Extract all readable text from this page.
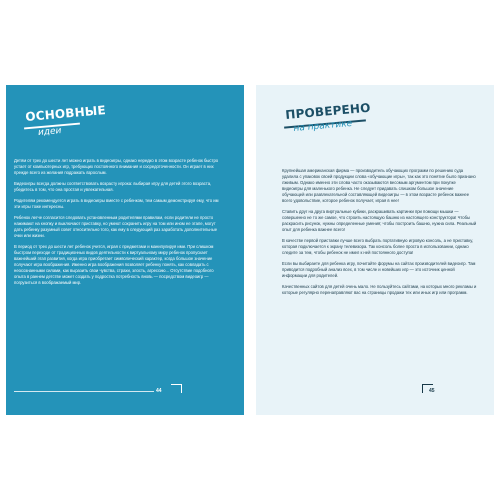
ОСНОВНЫЕ
идеи

Детям от трех до шести лет можно играть в видеоигры, однако нередко в этом возрасте ребенок быстро устает от компьютерных игр, требующих постоянного внимания и сосредоточенности. Он играет в них прежде всего из желания подражать взрослым.

Видеоигры всегда должны соответствовать возрасту игрока: выбирая игру для детей этого возраста, убедитесь в том, что она простая и увлекательная.

Родителям рекомендуется играть в видеоигры вместе с ребенком, тем самым демонстрируя ему, что им эти игры тоже интересны.

Ребенок легче согласится следовать установленным родителями правилам, если родители не просто нажимают на кнопку и выключают приставку, но умеют сохранить игру на том или ином ее этапе, могут дать ребенку разумный совет относительно того, как ему в следующий раз заработать дополнительные очки или жизни.

В период от трех до шести лет ребенок учится, играя с предметами и манипулируя ими. При слишком быстром переходе от традиционных видов деятельности к виртуальному миру ребенок пропускает важнейший этап развития, когда игра приобретает символический характер, когда большое значение получают игра воображения. Именно игра воображения позволяет ребенку понять, как совладать с неосознанными силами, как выразить свои чувства, страхи, злость, агрессию... Отсутствие подобного опыта в раннем детстве может создать у подростка потребность вновь — посредством видеоигр — погрузиться в воображаемый мир.

44
ПРОВЕРЕНО
на практике

Крупнейшая американская фирма — производитель обучающих программ по решению суда удалила с упаковок своей продукции слова «обучающие игры», так как это понятие было признано лживым. Однако именно эти слова часто оказываются весомым аргументом при покупке видеоигры для маленького ребенка. Не следует придавать слишком большое значение обучающей или развлекательной составляющей видеоигры — в этом возрасте ребенок важнее всего удовольствие, которое ребенок получает, играя в нее!

Ставить друг на друга виртуальные кубики, раскрашивать картинки при помощи мышки — совершенно не то же самое, что строить настоящую башню из настоящего конструктора! Чтобы раскрасить рисунок, нужны определенные умения; чтобы построить башню, нужна сила. Реальный опыт для ребенка важнее всего!

В качестве первой приставки лучше всего выбрать портативную игровую консоль, а не приставку, которая подключается к экрану телевизора. Так консоль более проста в использовании, однако следите за тем, чтобы ребенок не имел к ней постоянного доступа!

Если вы выбираете для ребенка игру, почитайте форумы на сайтах производителей видеоигр. Там приводится подробный анализ всех, в том числе и новейших игр — это источник ценной информации для родителей.

Качественных сайтов для детей очень мало. Не пользуйтесь сайтами, на которых много рекламы и которые регулярно перенаправляют вас на страницы продажи тех или иных игр или программ.

45
